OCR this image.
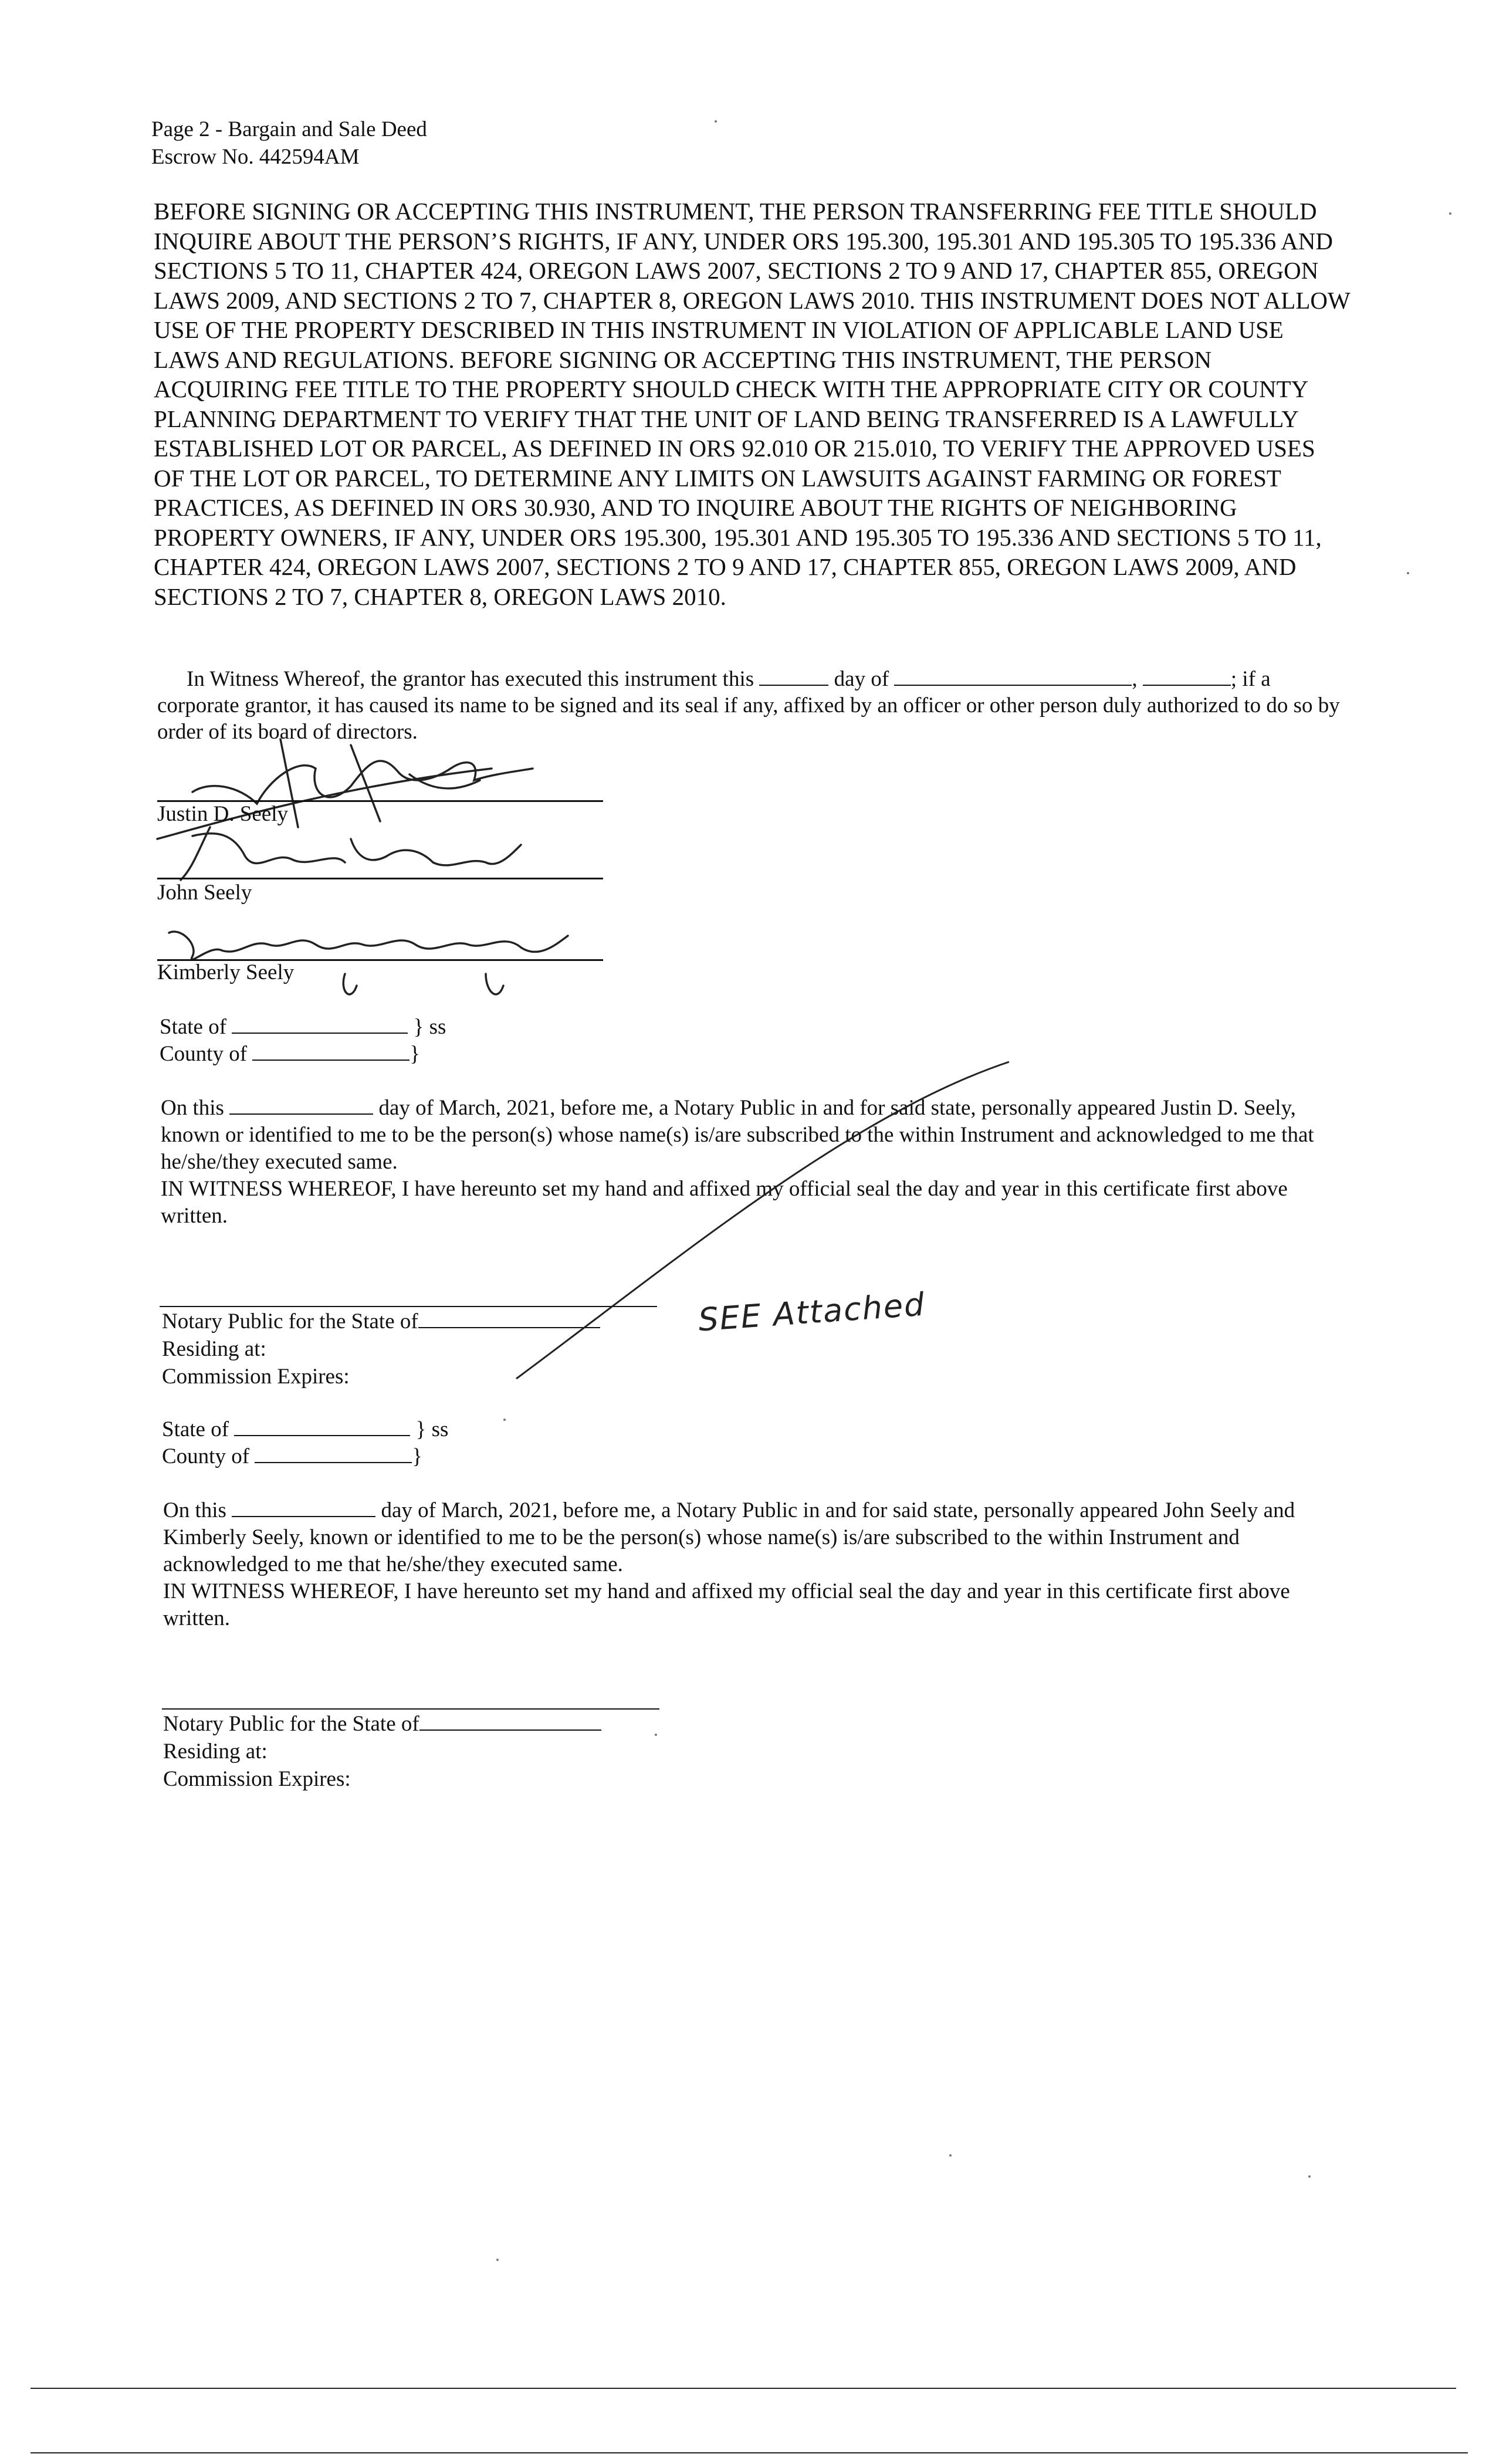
Page 2 - Bargain and Sale Deed
Escrow No. 442594AM
BEFORE SIGNING OR ACCEPTING THIS INSTRUMENT, THE PERSON TRANSFERRING FEE TITLE SHOULD INQUIRE ABOUT THE PERSON’S RIGHTS, IF ANY, UNDER ORS 195.300, 195.301 AND 195.305 TO 195.336 AND SECTIONS 5 TO 11, CHAPTER 424, OREGON LAWS 2007, SECTIONS 2 TO 9 AND 17, CHAPTER 855, OREGON LAWS 2009, AND SECTIONS 2 TO 7, CHAPTER 8, OREGON LAWS 2010. THIS INSTRUMENT DOES NOT ALLOW USE OF THE PROPERTY DESCRIBED IN THIS INSTRUMENT IN VIOLATION OF APPLICABLE LAND USE LAWS AND REGULATIONS. BEFORE SIGNING OR ACCEPTING THIS INSTRUMENT, THE PERSON ACQUIRING FEE TITLE TO THE PROPERTY SHOULD CHECK WITH THE APPROPRIATE CITY OR COUNTY PLANNING DEPARTMENT TO VERIFY THAT THE UNIT OF LAND BEING TRANSFERRED IS A LAWFULLY ESTABLISHED LOT OR PARCEL, AS DEFINED IN ORS 92.010 OR 215.010, TO VERIFY THE APPROVED USES OF THE LOT OR PARCEL, TO DETERMINE ANY LIMITS ON LAWSUITS AGAINST FARMING OR FOREST PRACTICES, AS DEFINED IN ORS 30.930, AND TO INQUIRE ABOUT THE RIGHTS OF NEIGHBORING PROPERTY OWNERS, IF ANY, UNDER ORS 195.300, 195.301 AND 195.305 TO 195.336 AND SECTIONS 5 TO 11, CHAPTER 424, OREGON LAWS 2007, SECTIONS 2 TO 9 AND 17, CHAPTER 855, OREGON LAWS 2009, AND SECTIONS 2 TO 7, CHAPTER 8, OREGON LAWS 2010.
In Witness Whereof, the grantor has executed this instrument this	day of	,	; if a corporate grantor, it has caused its name to be signed and its seal if any, affixed by an officer or other person duly authorized to do so by order of its board of directors.
Justin D. Seely
John Seely
Kimberly Seely
State of	} ss
County of	}
On this	day of March, 2021, before me, a Notary Public in and for said state, personally appeared Justin D. Seely, known or identified to me to be the person(s) whose name(s) is/are subscribed to the within Instrument and acknowledged to me that he/she/they executed same.
IN WITNESS WHEREOF, I have hereunto set my hand and affixed my official seal the day and year in this certificate first above written.
Notary Public for the State of
Residing at:
Commission Expires:
SEE Attached
State of	} ss
County of	}
On this	day of March, 2021, before me, a Notary Public in and for said state, personally appeared John Seely and Kimberly Seely, known or identified to me to be the person(s) whose name(s) is/are subscribed to the within Instrument and acknowledged to me that he/she/they executed same.
IN WITNESS WHEREOF, I have hereunto set my hand and affixed my official seal the day and year in this certificate first above written.
Notary Public for the State of
Residing at:
Commission Expires:
